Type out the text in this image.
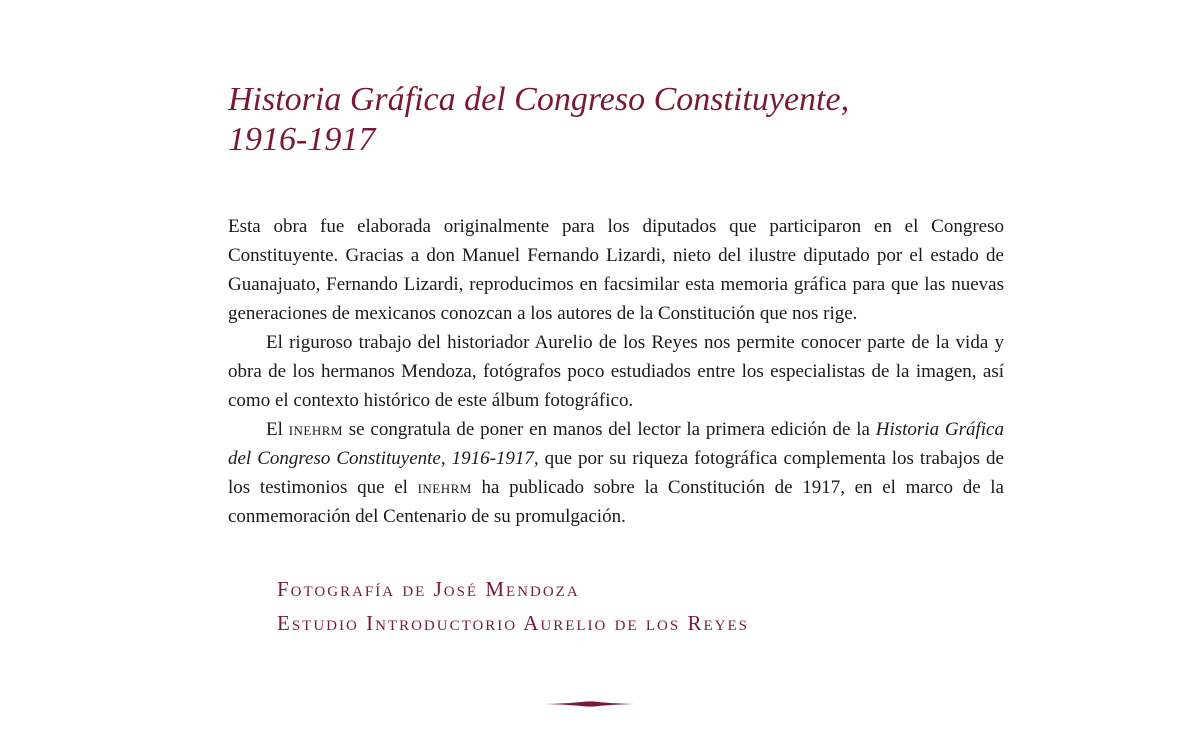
Historia Gráfica del Congreso Constituyente,
1916-1917

Esta obra fue elaborada originalmente para los diputados que participaron en el Congreso Constituyente. Gracias a don Manuel Fernando Lizardi, nieto del ilustre diputado por el estado de Guanajuato, Fernando Lizardi, reproducimos en facsimilar esta memoria gráfica para que las nuevas generaciones de mexicanos conozcan a los autores de la Constitución que nos rige.

El riguroso trabajo del historiador Aurelio de los Reyes nos permite conocer parte de la vida y obra de los hermanos Mendoza, fotógrafos poco estudiados entre los especialistas de la imagen, así como el contexto histórico de este álbum fotográfico.

El inehrm se congratula de poner en manos del lector la primera edición de la Historia Gráfica del Congreso Constituyente, 1916-1917, que por su riqueza fotográfica complementa los trabajos de los testimonios que el inehrm ha publicado sobre la Constitución de 1917, en el marco de la conmemoración del Centenario de su promulgación.

Fotografía de José Mendoza
Estudio Introductorio Aurelio de los Reyes
